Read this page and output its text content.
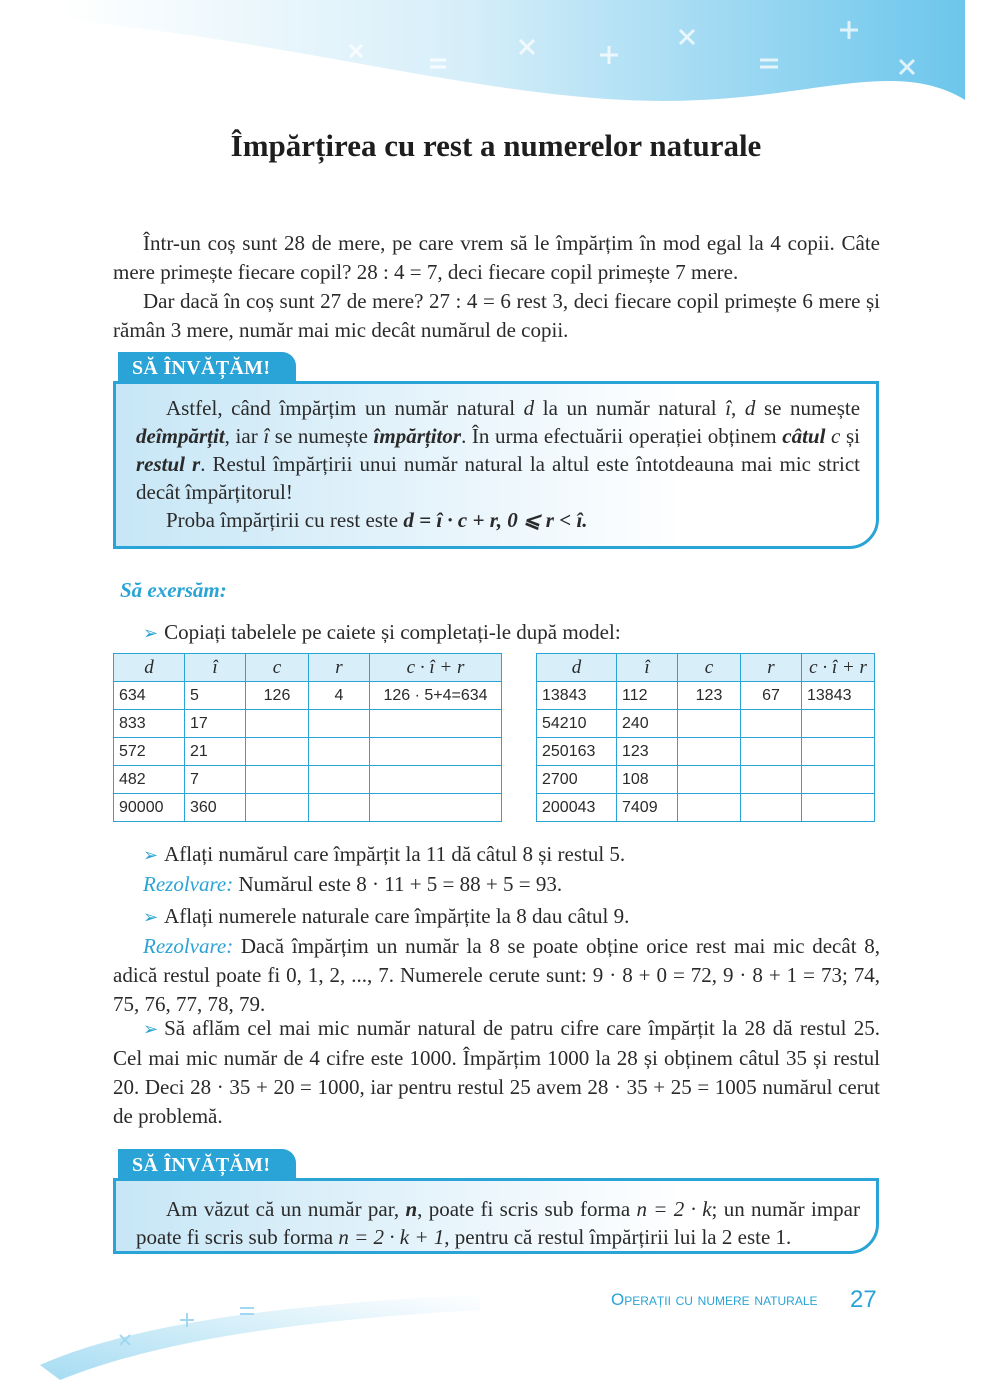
Împărțirea cu rest a numerelor naturale

Într-un coș sunt 28 de mere, pe care vrem să le împărțim în mod egal la 4 copii. Câte mere primește fiecare copil? 28 : 4 = 7, deci fiecare copil primește 7 mere.

Dar dacă în coș sunt 27 de mere? 27 : 4 = 6 rest 3, deci fiecare copil primește 6 mere și rămân 3 mere, număr mai mic decât numărul de copii.

SĂ ÎNVĂȚĂM!

Astfel, când împărțim un număr natural d la un număr natural î, d se numește deîmpărțit, iar î se numește împărțitor. În urma efectuării operației obținem câtul c și restul r. Restul împărțirii unui număr natural la altul este întotdeauna mai mic strict decât împărțitorul!

Proba împărțirii cu rest este d = î · c + r, 0 ⩽ r < î.

Să exersăm:
➢ Copiați tabelele pe caiete și completați-le după model:
d	î	c	r	c · î + r
634	5	126	4	126 · 5+4=634
833	17			
572	21			
482	7			
90000	360			
d	î	c	r	c · î + r
13843	112	123	67	13843
54210	240			
250163	123			
2700	108			
200043	7409			
➢ Aflați numărul care împărțit la 11 dă câtul 8 și restul 5.
Rezolvare: Numărul este 8 · 11 + 5 = 88 + 5 = 93.
➢ Aflați numerele naturale care împărțite la 8 dau câtul 9.
Rezolvare: Dacă împărțim un număr la 8 se poate obține orice rest mai mic decât 8, adică restul poate fi 0, 1, 2, ..., 7. Numerele cerute sunt: 9 · 8 + 0 = 72, 9 · 8 + 1 = 73; 74, 75, 76, 77, 78, 79.
➢ Să aflăm cel mai mic număr natural de patru cifre care împărțit la 28 dă restul 25. Cel mai mic număr de 4 cifre este 1000. Împărțim 1000 la 28 și obținem câtul 35 și restul 20. Deci 28 · 35 + 20 = 1000, iar pentru restul 25 avem 28 · 35 + 25 = 1005 numărul cerut de problemă.
SĂ ÎNVĂȚĂM!

Am văzut că un număr par, n, poate fi scris sub forma n = 2 · k; un număr impar poate fi scris sub forma n = 2 · k + 1, pentru că restul împărțirii lui la 2 este 1.

Operații cu numere naturale 27
